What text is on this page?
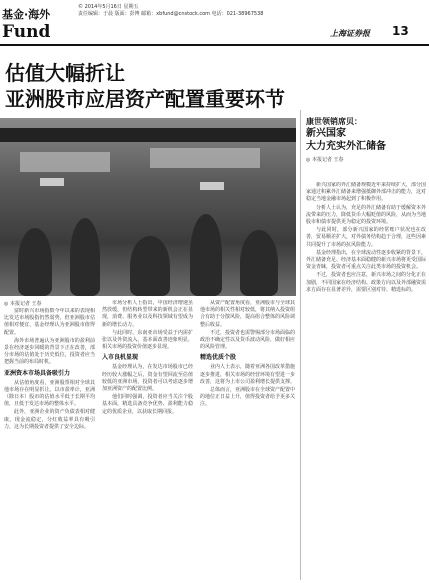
基金·海外
Fund
© 2014年5月16日 星期五
责任编辑：于晨 版面：彭博 邮箱：xbfund@cnstock.com 电话：021-38967538
上海证券报 13
估值大幅折让
亚洲股市应居资产配置重要环节
◎ 本报记者 王春
富时新兴市场指数今年以来的表现相比发达市场股指仍然弱势，但亚洲股市估值相对便宜，基金经理认为亚洲股市值得配置。
海外市场普遍认为亚洲股市的盈利前景在经济逐步回暖的背景下正在改善，部分市场的估值处于历史低位，投资者应当把握当前的布局时机。
亚洲资本市场具备吸引力
从估值角度看，亚洲股票相对全球其他市场存在明显折让。以市盈率计，亚洲（除日本）股市的估值水平低于长期平均值，且低于发达市场的整体水平。
此外，亚洲企业的资产负债表相对健康，现金流稳定，分红收益率具有吸引力，这为长期投资者提供了安全边际。
市场分析人士指出，中国经济增速虽然放缓，但结构转型带来的新机会正在显现，消费、服务业以及科技领域有望成为新的增长动力。
与此同时，东南亚市场受益于内需扩张以及外资流入，基本面改善迹象明显，相关市场的投资价值逐步显现。
入市良机显现
基金经理认为，在发达市场股市已经经历较大涨幅之后，资金有望回流至估值较低的亚洲市场，投资者可以考虑逐步增加亚洲资产的配置比例。
他们同时强调，投资者应当关注个股基本面，精选具备竞争优势、盈利能力稳定的优质企业，以获取长期回报。
从资产配置角度看，亚洲股市与全球其他市场的相关性相对较低，将其纳入投资组合有助于分散风险，提高组合整体的风险调整后收益。
不过，投资者也需警惕部分市场面临的政治不确定性以及货币波动风险，做好相应的风险管理。
精选优质个股
业内人士表示，随着亚洲各国改革措施逐步推进，相关市场的经营环境有望进一步改善，这将为上市公司盈利增长提供支撑。
总体而言，亚洲股市在全球资产配置中的地位正日益上升，值得投资者给予更多关注。
康世领销席贝：
新兴国家
大力充实外汇储备
◎ 本报记者 王春
新兴国家的外汇储备规模近年来持续扩大，部分国家通过积累外汇储备来增强抵御外部冲击的能力，这对稳定当地金融市场起到了积极作用。
分析人士认为，充足的外汇储备有助于缓解资本外流带来的压力，降低货币大幅贬值的风险，从而为当地股市和债市提供更为稳定的投资环境。
与此同时，部分新兴国家的经常账户状况也在改善，贸易顺差扩大，对外债务结构趋于合理，这些因素共同提升了市场的抗风险能力。
基金经理指出，在全球流动性逐步收紧的背景下，外汇储备充足、经济基本面稳健的新兴市场将更受国际资金青睐，投资者可重点关注此类市场的投资机会。
不过，投资者也应注意，新兴市场之间的分化正在加剧，不同国家在经济结构、政策方向以及外部融资需求方面存在显著差异，需要区别对待、精选标的。
